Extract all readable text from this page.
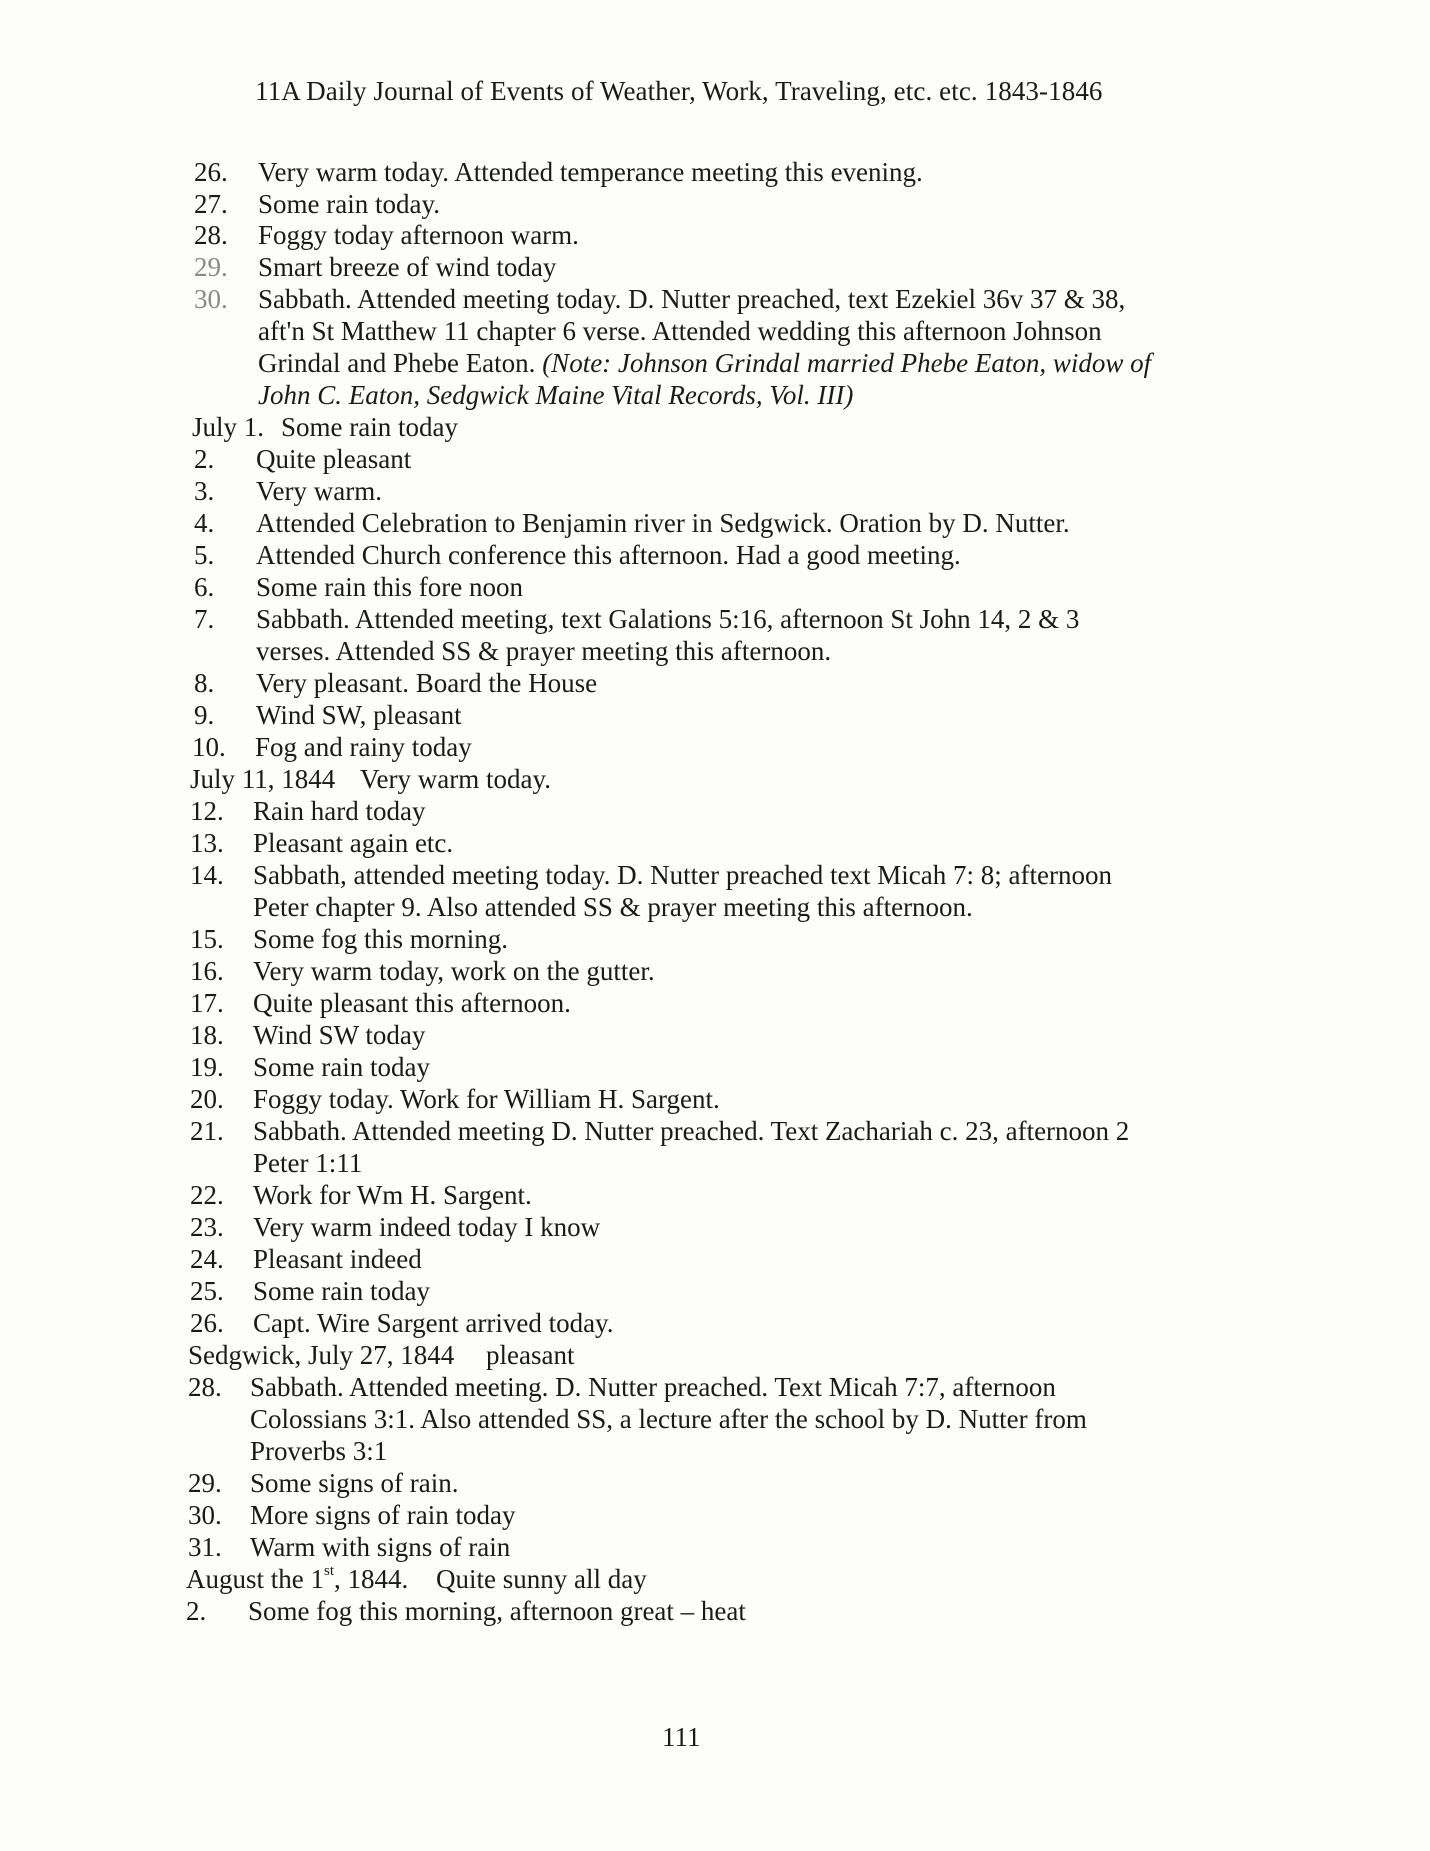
11A Daily Journal of Events of Weather, Work, Traveling, etc. etc. 1843-1846
26. Very warm today. Attended temperance meeting this evening.
27. Some rain today.
28. Foggy today afternoon warm.
29. Smart breeze of wind today
30. Sabbath. Attended meeting today. D. Nutter preached, text Ezekiel 36v 37 & 38,
aft'n St Matthew 11 chapter 6 verse. Attended wedding this afternoon Johnson
Grindal and Phebe Eaton. (Note: Johnson Grindal married Phebe Eaton, widow of
John C. Eaton, Sedgwick Maine Vital Records, Vol. III)
July 1. Some rain today
2. Quite pleasant
3. Very warm.
4. Attended Celebration to Benjamin river in Sedgwick. Oration by D. Nutter.
5. Attended Church conference this afternoon. Had a good meeting.
6. Some rain this fore noon
7. Sabbath. Attended meeting, text Galations 5:16, afternoon St John 14, 2 & 3
verses. Attended SS & prayer meeting this afternoon.
8. Very pleasant. Board the House
9. Wind SW, pleasant
10. Fog and rainy today
July 11, 1844 Very warm today.
12. Rain hard today
13. Pleasant again etc.
14. Sabbath, attended meeting today. D. Nutter preached text Micah 7: 8; afternoon
Peter chapter 9. Also attended SS & prayer meeting this afternoon.
15. Some fog this morning.
16. Very warm today, work on the gutter.
17. Quite pleasant this afternoon.
18. Wind SW today
19. Some rain today
20. Foggy today. Work for William H. Sargent.
21. Sabbath. Attended meeting D. Nutter preached. Text Zachariah c. 23, afternoon 2
Peter 1:11
22. Work for Wm H. Sargent.
23. Very warm indeed today I know
24. Pleasant indeed
25. Some rain today
26. Capt. Wire Sargent arrived today.
Sedgwick, July 27, 1844 pleasant
28. Sabbath. Attended meeting. D. Nutter preached. Text Micah 7:7, afternoon
Colossians 3:1. Also attended SS, a lecture after the school by D. Nutter from
Proverbs 3:1
29. Some signs of rain.
30. More signs of rain today
31. Warm with signs of rain
August the 1st, 1844. Quite sunny all day
2. Some fog this morning, afternoon great – heat
111
